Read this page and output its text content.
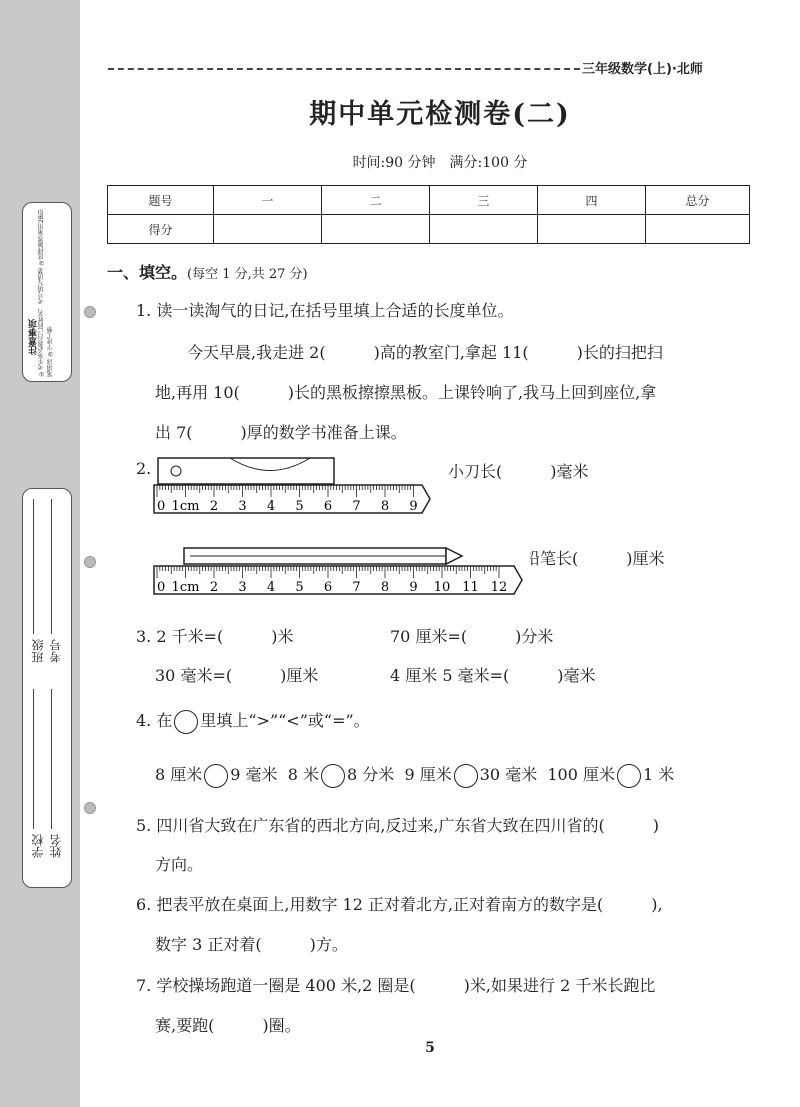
注意事项 ①考生务必将自己的姓名、考号填写清楚 ②选择题答案用2B铅笔填涂 ③字迹工整
学校 姓名
班级 考号
三年级数学(上)·北师
期中单元检测卷(二)
时间:90 分钟　满分:100 分
题号	一	二	三	四	总分
得分					
一、填空。(每空 1 分,共 27 分)
1. 读一读淘气的日记,在括号里填上合适的长度单位。
今天早晨,我走进 2(　　　)高的教室门,拿起 11(　　　)长的扫把扫
地,再用 10(　　　)长的黑板擦擦黑板。上课铃响了,我马上回到座位,拿
出 7(　　　)厚的数学书准备上课。
2.	小刀长(　　　)毫米
铅笔长(　　　)厘米
0 1cm 2 3 4 5 6 7 8 9
0 1cm 2 3 4 5 6 7 8 9 10 11 12
3. 2 千米=(　　　)米	70 厘米=(　　　)分米
30 毫米=(　　　)厘米	4 厘米 5 毫米=(　　　)毫米
4. 在 里填上“>”“<”或“=”。
8 厘米 9 毫米 8 米 8 分米 9 厘米 30 毫米 100 厘米 1 米
5. 四川省大致在广东省的西北方向,反过来,广东省大致在四川省的(　　　)
方向。
6. 把表平放在桌面上,用数字 12 正对着北方,正对着南方的数字是(　　　),
数字 3 正对着(　　　)方。
7. 学校操场跑道一圈是 400 米,2 圈是(　　　)米,如果进行 2 千米长跑比
赛,要跑(　　　)圈。
5
